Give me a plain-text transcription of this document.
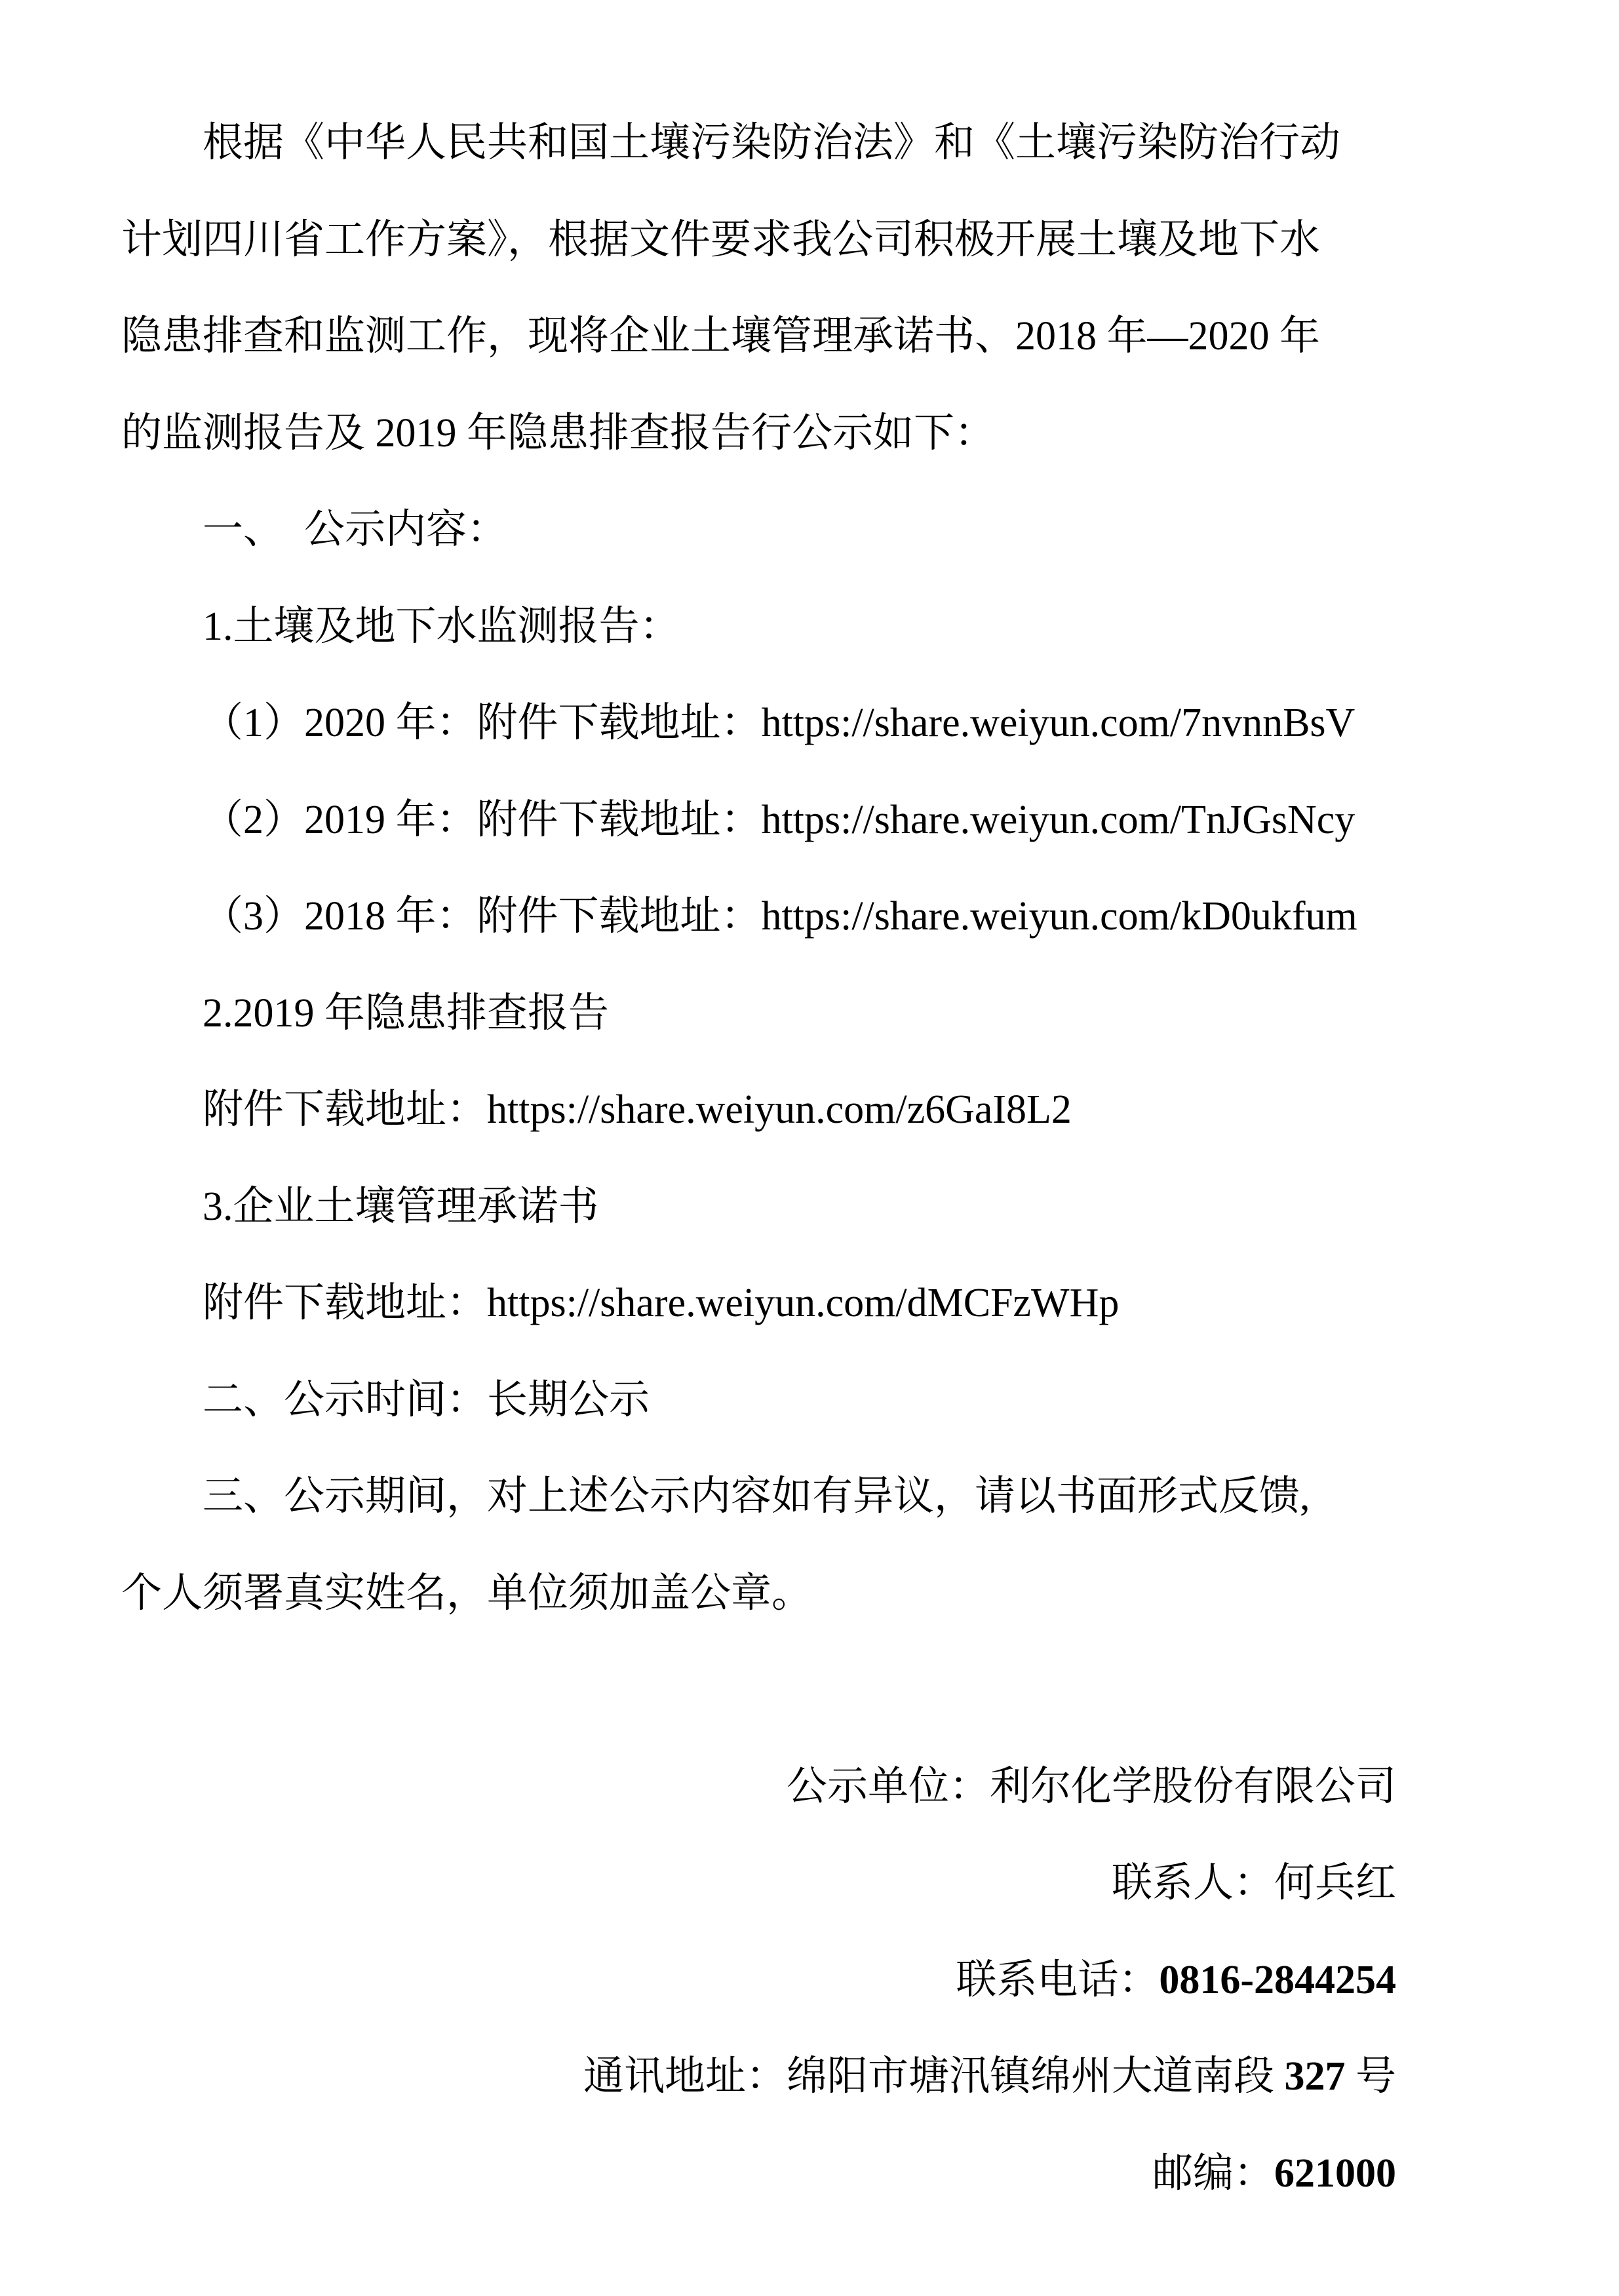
根据《中华人民共和国土壤污染防治法》和《土壤污染防治行动
计划四川省工作方案》，根据文件要求我公司积极开展土壤及地下水
隐患排查和监测工作，现将企业土壤管理承诺书、2018 年—2020 年
的监测报告及 2019 年隐患排查报告行公示如下：
一、　公示内容：
1.土壤及地下水监测报告：
（1）2020 年：附件下载地址：https://share.weiyun.com/7nvnnBsV
（2）2019 年：附件下载地址：https://share.weiyun.com/TnJGsNcy
（3）2018 年：附件下载地址：https://share.weiyun.com/kD0ukfum
2.2019 年隐患排查报告
附件下载地址：https://share.weiyun.com/z6GaI8L2
3.企业土壤管理承诺书
附件下载地址：https://share.weiyun.com/dMCFzWHp
二、公示时间：长期公示
三、公示期间，对上述公示内容如有异议，请以书面形式反馈,
个人须署真实姓名，单位须加盖公章。
公示单位：利尔化学股份有限公司
联系人：何兵红
联系电话：0816-2844254
通讯地址：绵阳市塘汛镇绵州大道南段 327 号
邮编：621000
